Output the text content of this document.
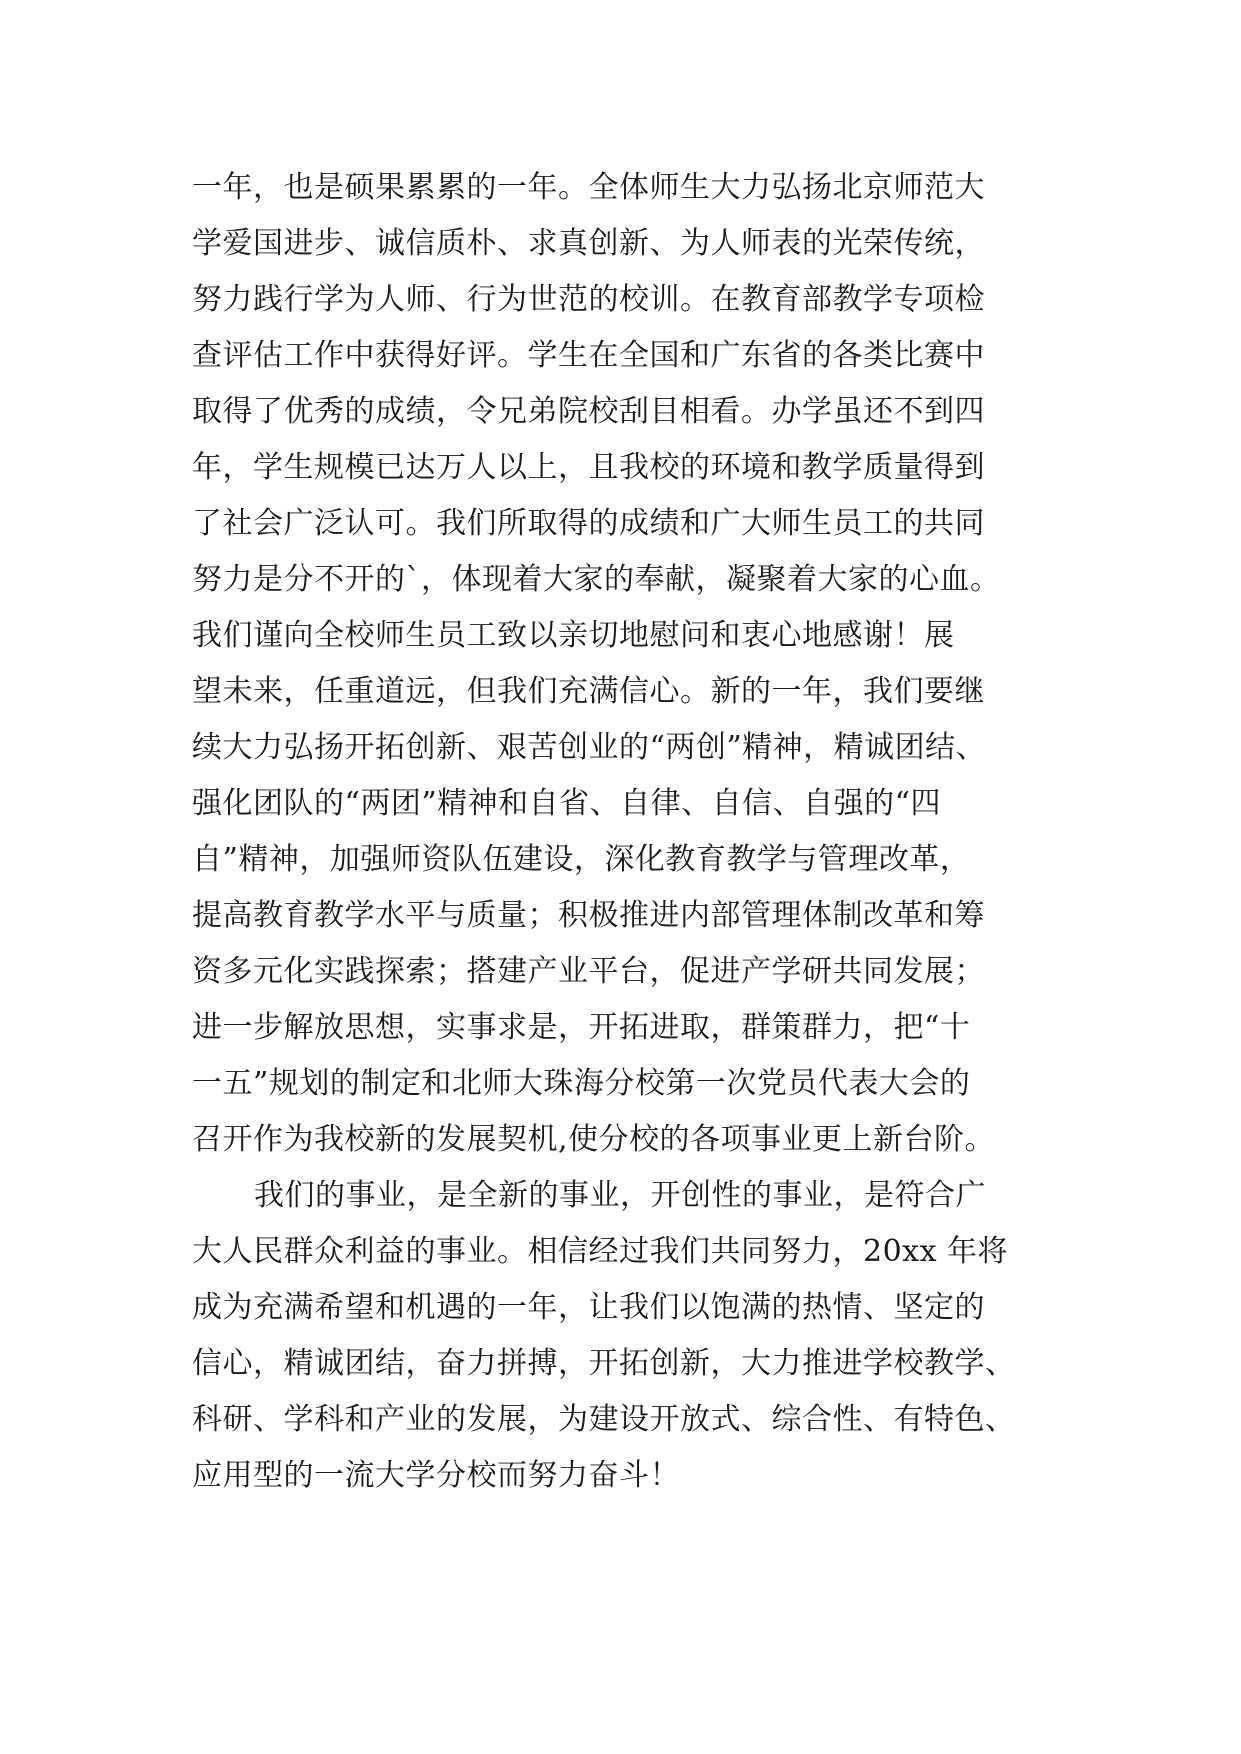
一年，也是硕果累累的一年。全体师生大力弘扬北京师范大
学爱国进步、诚信质朴、求真创新、为人师表的光荣传统，
努力践行学为人师、行为世范的校训。在教育部教学专项检
查评估工作中获得好评。学生在全国和广东省的各类比赛中
取得了优秀的成绩，令兄弟院校刮目相看。办学虽还不到四
年，学生规模已达万人以上，且我校的环境和教学质量得到
了社会广泛认可。我们所取得的成绩和广大师生员工的共同
努力是分不开的`，体现着大家的奉献，凝聚着大家的心血。
我们谨向全校师生员工致以亲切地慰问和衷心地感谢！展
望未来，任重道远，但我们充满信心。新的一年，我们要继
续大力弘扬开拓创新、艰苦创业的“两创”精神，精诚团结、
强化团队的“两团”精神和自省、自律、自信、自强的“四
自”精神，加强师资队伍建设，深化教育教学与管理改革，
提高教育教学水平与质量；积极推进内部管理体制改革和筹
资多元化实践探索；搭建产业平台，促进产学研共同发展；
进一步解放思想，实事求是，开拓进取，群策群力，把“十
一五”规划的制定和北师大珠海分校第一次党员代表大会的
召开作为我校新的发展契机,使分校的各项事业更上新台阶。
我们的事业，是全新的事业，开创性的事业，是符合广
大人民群众利益的事业。相信经过我们共同努力，20xx 年将
成为充满希望和机遇的一年，让我们以饱满的热情、坚定的
信心，精诚团结，奋力拼搏，开拓创新，大力推进学校教学、
科研、学科和产业的发展，为建设开放式、综合性、有特色、
应用型的一流大学分校而努力奋斗！
